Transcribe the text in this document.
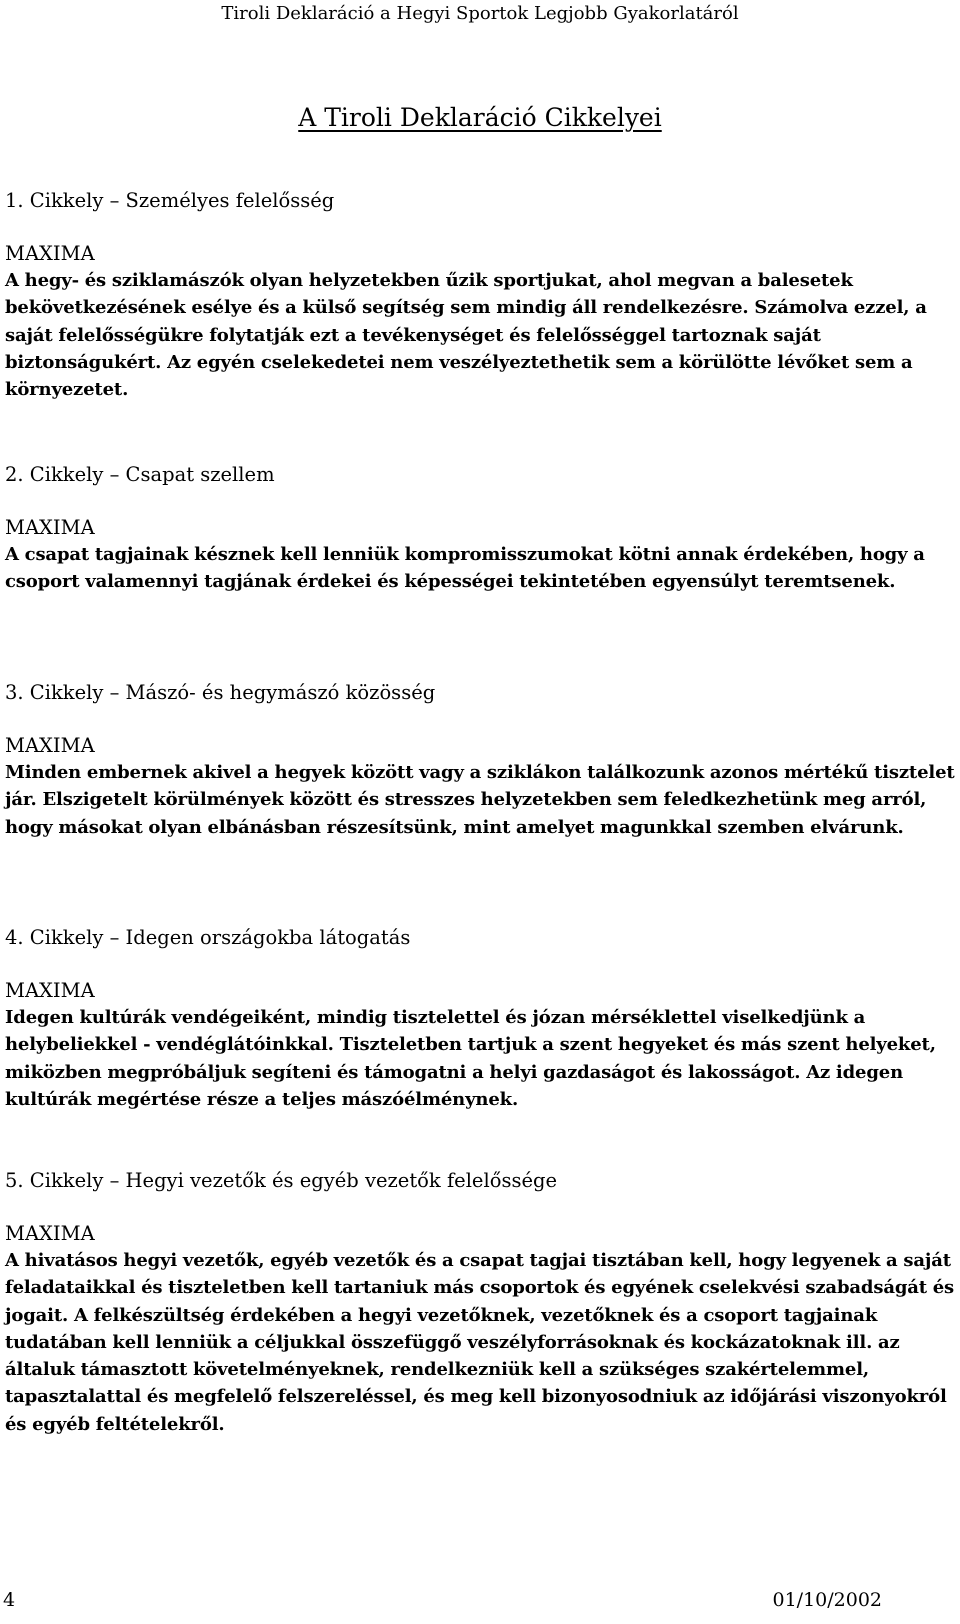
Tiroli Deklaráció a Hegyi Sportok Legjobb Gyakorlatáról
A Tiroli Deklaráció Cikkelyei
1. Cikkely – Személyes felelősség
MAXIMA

A hegy- és sziklamászók olyan helyzetekben űzik sportjukat, ahol megvan a balesetek bekövetkezésének esélye és a külső segítség sem mindig áll rendelkezésre. Számolva ezzel, a saját felelősségükre folytatják ezt a tevékenységet és felelősséggel tartoznak saját biztonságukért. Az egyén cselekedetei nem veszélyeztethetik sem a körülötte lévőket sem a környezetet.

2. Cikkely – Csapat szellem
MAXIMA

A csapat tagjainak késznek kell lenniük kompromisszumokat kötni annak érdekében, hogy a csoport valamennyi tagjának érdekei és képességei tekintetében egyensúlyt teremtsenek.

3. Cikkely – Mászó- és hegymászó közösség
MAXIMA

Minden embernek akivel a hegyek között vagy a sziklákon találkozunk azonos mértékű tisztelet jár. Elszigetelt körülmények között és stresszes helyzetekben sem feledkezhetünk meg arról, hogy másokat olyan elbánásban részesítsünk, mint amelyet magunkkal szemben elvárunk.

4. Cikkely – Idegen országokba látogatás
MAXIMA

Idegen kultúrák vendégeiként, mindig tisztelettel és józan mérséklettel viselkedjünk a helybeliekkel - vendéglátóinkkal. Tiszteletben tartjuk a szent hegyeket és más szent helyeket, miközben megpróbáljuk segíteni és támogatni a helyi gazdaságot és lakosságot. Az idegen kultúrák megértése része a teljes mászóélménynek.

5. Cikkely – Hegyi vezetők és egyéb vezetők felelőssége
MAXIMA

A hivatásos hegyi vezetők, egyéb vezetők és a csapat tagjai tisztában kell, hogy legyenek a saját feladataikkal és tiszteletben kell tartaniuk más csoportok és egyének cselekvési szabadságát és jogait. A felkészültség érdekében a hegyi vezetőknek, vezetőknek és a csoport tagjainak tudatában kell lenniük a céljukkal összefüggő veszélyforrásoknak és kockázatoknak ill. az általuk támasztott követelményeknek, rendelkezniük kell a szükséges szakértelemmel, tapasztalattal és megfelelő felszereléssel, és meg kell bizonyosodniuk az időjárási viszonyokról és egyéb feltételekről.

4	01/10/2002
